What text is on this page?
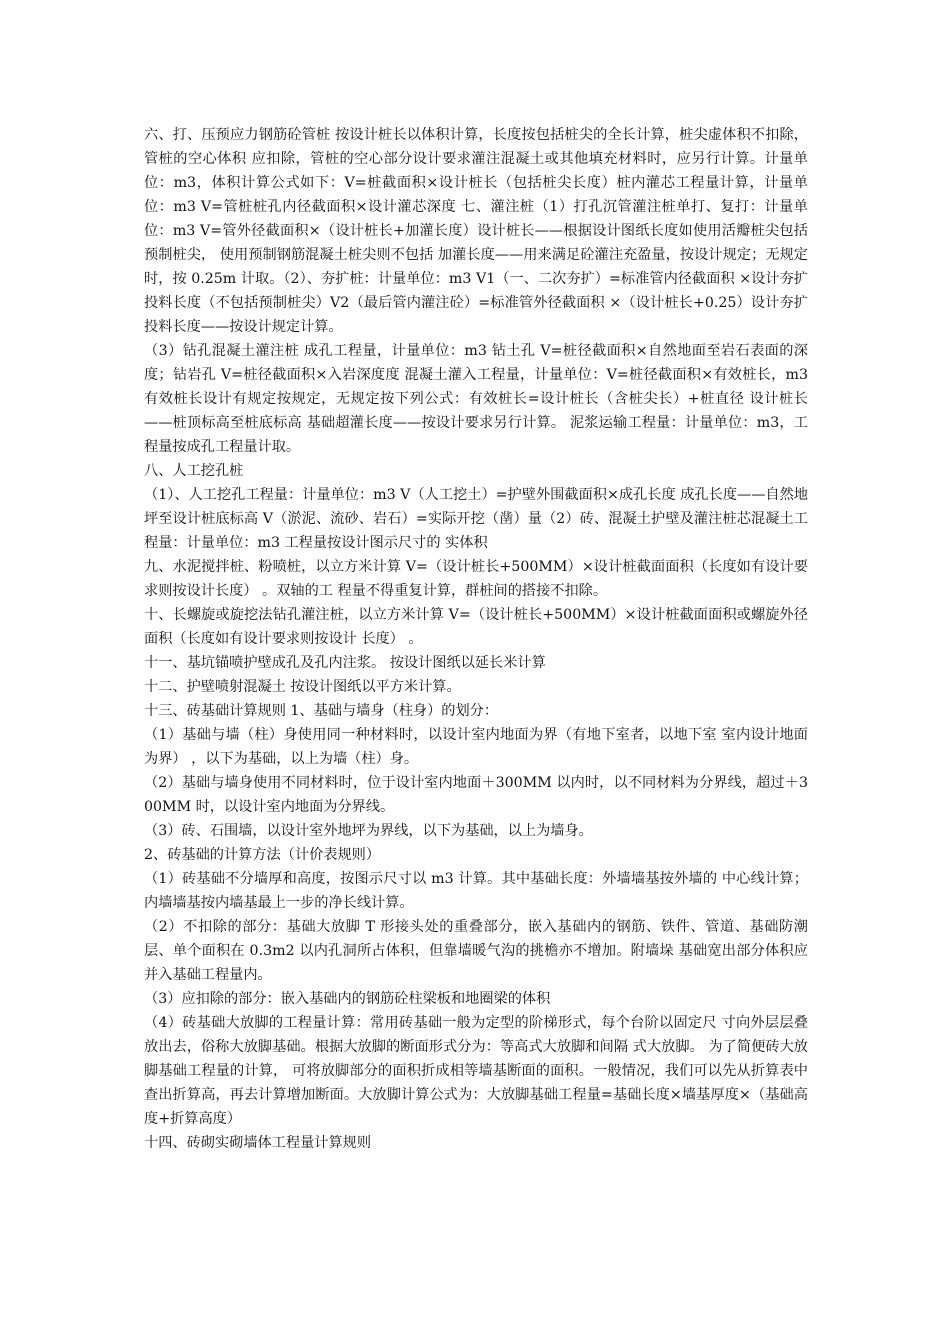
六、打、压预应力钢筋砼管桩 按设计桩长以体积计算，长度按包括桩尖的全长计算，桩尖虚体积不扣除，管桩的空心体积 应扣除，管桩的空心部分设计要求灌注混凝土或其他填充材料时，应另行计算。计量单位：m3，体积计算公式如下：V=桩截面积×设计桩长（包括桩尖长度）桩内灌芯工程量计算，计量单位：m3 V=管桩桩孔内径截面积×设计灌芯深度 七、灌注桩（1）打孔沉管灌注桩单打、复打：计量单位：m3 V=管外径截面积×（设计桩长+加灌长度）设计桩长——根据设计图纸长度如使用活瓣桩尖包括预制桩尖， 使用预制钢筋混凝土桩尖则不包括 加灌长度——用来满足砼灌注充盈量，按设计规定；无规定时，按 0.25m 计取。（2）、夯扩桩：计量单位：m3 V1（一、二次夯扩）=标准管内径截面积 ×设计夯扩投料长度（不包括预制桩尖）V2（最后管内灌注砼）=标准管外径截面积 ×（设计桩长+0.25）设计夯扩投料长度——按设计规定计算。

（3）钻孔混凝土灌注桩 成孔工程量，计量单位：m3 钻土孔 V=桩径截面积×自然地面至岩石表面的深度；钻岩孔 V=桩径截面积×入岩深度度 混凝土灌入工程量，计量单位：V=桩径截面积×有效桩长，m3 有效桩长设计有规定按规定，无规定按下列公式：有效桩长=设计桩长（含桩尖长）+桩直径 设计桩长——桩顶标高至桩底标高 基础超灌长度——按设计要求另行计算。 泥浆运输工程量：计量单位：m3，工程量按成孔工程量计取。

八、人工挖孔桩

（1）、人工挖孔工程量：计量单位：m3 V（人工挖土）=护壁外围截面积×成孔长度 成孔长度——自然地坪至设计桩底标高 V（淤泥、流砂、岩石）=实际开挖（凿）量（2）砖、混凝土护壁及灌注桩芯混凝土工程量：计量单位：m3 工程量按设计图示尺寸的 实体积

九、水泥搅拌桩、粉喷桩，以立方米计算 V=（设计桩长+500MM）×设计桩截面面积（长度如有设计要求则按设计长度） 。双轴的工 程量不得重复计算，群桩间的搭接不扣除。

十、长螺旋或旋挖法钻孔灌注桩，以立方米计算 V=（设计桩长+500MM）×设计桩截面面积或螺旋外径面积（长度如有设计要求则按设计 长度） 。

十一、基坑锚喷护壁成孔及孔内注浆。 按设计图纸以延长米计算

十二、护壁喷射混凝土 按设计图纸以平方米计算。

十三、砖基础计算规则 1、基础与墙身（柱身）的划分：

（1）基础与墙（柱）身使用同一种材料时，以设计室内地面为界（有地下室者，以地下室 室内设计地面为界） ，以下为基础，以上为墙（柱）身。

（2）基础与墙身使用不同材料时，位于设计室内地面＋300MM 以内时，以不同材料为分界线，超过＋300MM 时，以设计室内地面为分界线。

（3）砖、石围墙，以设计室外地坪为界线，以下为基础，以上为墙身。

2、砖基础的计算方法（计价表规则）

（1）砖基础不分墙厚和高度，按图示尺寸以 m3 计算。其中基础长度：外墙墙基按外墙的 中心线计算；内墙墙基按内墙基最上一步的净长线计算。

（2）不扣除的部分：基础大放脚 T 形接头处的重叠部分，嵌入基础内的钢筋、铁件、管道、基础防潮层、单个面积在 0.3m2 以内孔洞所占体积，但靠墙暖气沟的挑檐亦不增加。附墙垛 基础宽出部分体积应并入基础工程量内。

（3）应扣除的部分：嵌入基础内的钢筋砼柱梁板和地圈梁的体积

（4）砖基础大放脚的工程量计算：常用砖基础一般为定型的阶梯形式，每个台阶以固定尺 寸向外层层叠放出去，俗称大放脚基础。根据大放脚的断面形式分为：等高式大放脚和间隔 式大放脚。 为了简便砖大放脚基础工程量的计算， 可将放脚部分的面积折成相等墙基断面的面积。一般情况，我们可以先从折算表中查出折算高，再去计算增加断面。大放脚计算公式为：大放脚基础工程量=基础长度×墙基厚度×（基础高度+折算高度）

十四、砖砌实砌墙体工程量计算规则
